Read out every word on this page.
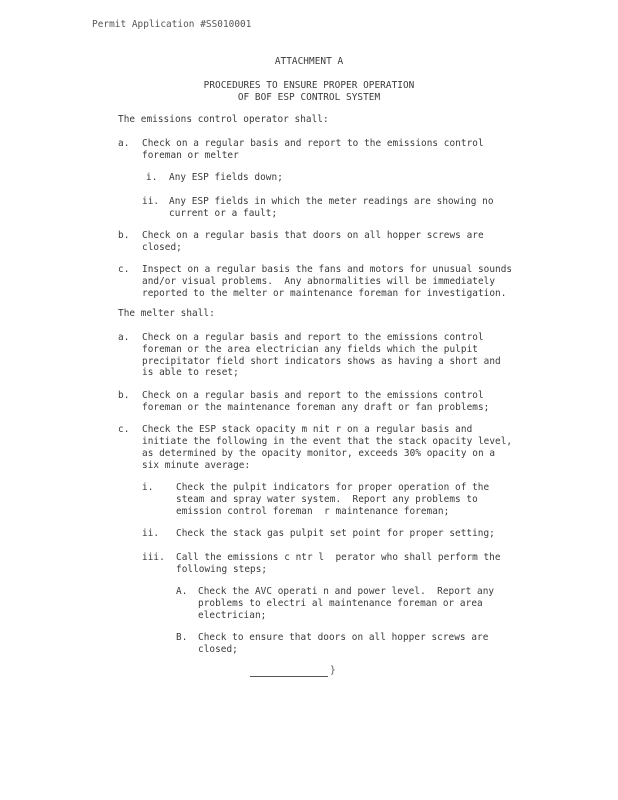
Permit Application #SS010001
ATTACHMENT A
PROCEDURES TO ENSURE PROPER OPERATION
OF BOF ESP CONTROL SYSTEM
The emissions control operator shall:
a. Check on a regular basis and report to the emissions control
foreman or melter
i. Any ESP fields down;
ii. Any ESP fields in which the meter readings are showing no
current or a fault;
b. Check on a regular basis that doors on all hopper screws are
closed;
c. Inspect on a regular basis the fans and motors for unusual sounds
and/or visual problems.  Any abnormalities will be immediately
reported to the melter or maintenance foreman for investigation.
The melter shall:
a. Check on a regular basis and report to the emissions control
foreman or the area electrician any fields which the pulpit
precipitator field short indicators shows as having a short and
is able to reset;
b. Check on a regular basis and report to the emissions control
foreman or the maintenance foreman any draft or fan problems;
c. Check the ESP stack opacity m nit r on a regular basis and
initiate the following in the event that the stack opacity level,
as determined by the opacity monitor, exceeds 30% opacity on a
six minute average:
i. Check the pulpit indicators for proper operation of the
steam and spray water system.  Report any problems to
emission control foreman  r maintenance foreman;
ii. Check the stack gas pulpit set point for proper setting;
iii. Call the emissions c ntr l  perator who shall perform the
following steps;
A. Check the AVC operati n and power level.  Report any
problems to electri al maintenance foreman or area
electrician;
B. Check to ensure that doors on all hopper screws are
closed;
}
